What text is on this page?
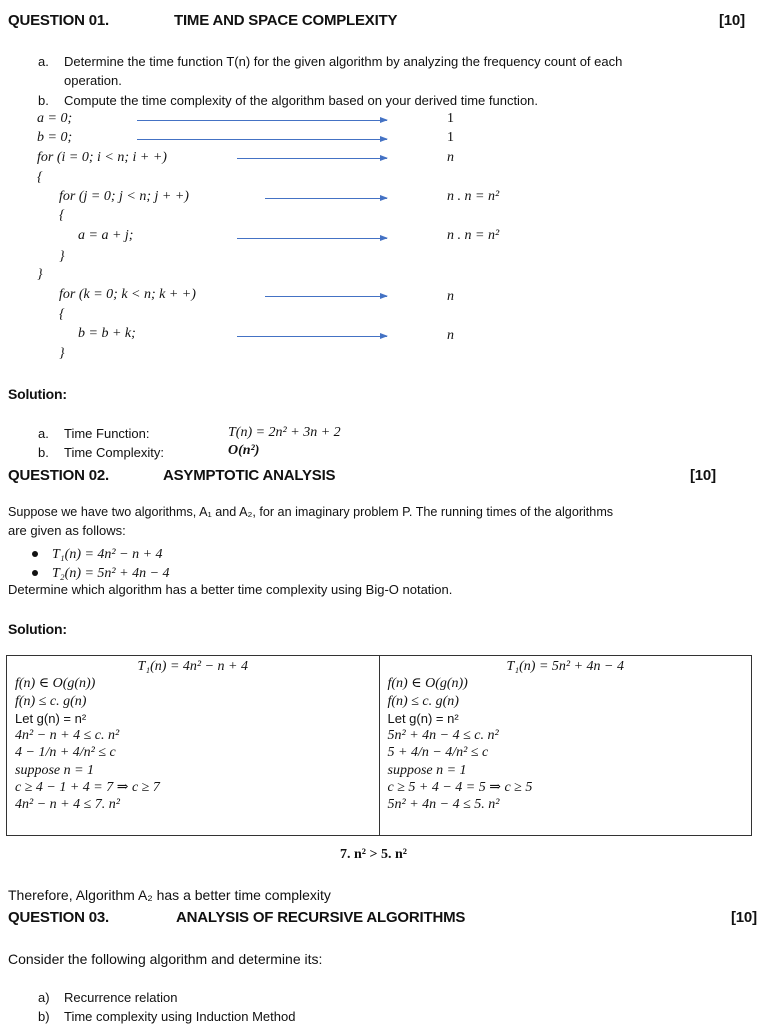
QUESTION 01.	TIME AND SPACE COMPLEXITY	[10]
a. Determine the time function T(n) for the given algorithm by analyzing the frequency count of each
operation.
b. Compute the time complexity of the algorithm based on your derived time function.
a = 0;	1
b = 0;	1
for (i = 0; i < n; i + +)	n
{
for (j = 0; j < n; j + +)	n . n = n²
{
a = a + j;	n . n = n²
}
}
for (k = 0; k < n; k + +)	n
{
b = b + k;	n
}
Solution:
a. Time Function:	T(n) = 2n² + 3n + 2
b. Time Complexity:	O(n²)
QUESTION 02.	ASYMPTOTIC ANALYSIS	[10]
Suppose we have two algorithms, A₁ and A₂, for an imaginary problem P. The running times of the algorithms
are given as follows:
T₁(n) = 4n² − n + 4
T₂(n) = 5n² + 4n − 4
Determine which algorithm has a better time complexity using Big-O notation.
Solution:
T₁(n) = 4n² − n + 4
f(n) ∈ O(g(n))
f(n) ≤ c. g(n)
Let g(n) = n²
4n² − n + 4 ≤ c. n²
4 − 1/n + 4/n² ≤ c
suppose n = 1
c ≥ 4 − 1 + 4 = 7 ⇒ c ≥ 7
4n² − n + 4 ≤ 7. n²

T₁(n) = 5n² + 4n − 4
f(n) ∈ O(g(n))
f(n) ≤ c. g(n)
Let g(n) = n²
5n² + 4n − 4 ≤ c. n²
5 + 4/n − 4/n² ≤ c
suppose n = 1
c ≥ 5 + 4 − 4 = 5 ⇒ c ≥ 5
5n² + 4n − 4 ≤ 5. n²
7. n² > 5. n²
Therefore, Algorithm A₂ has a better time complexity
QUESTION 03.	ANALYSIS OF RECURSIVE ALGORITHMS	[10]
Consider the following algorithm and determine its:
a) Recurrence relation
b) Time complexity using Induction Method
